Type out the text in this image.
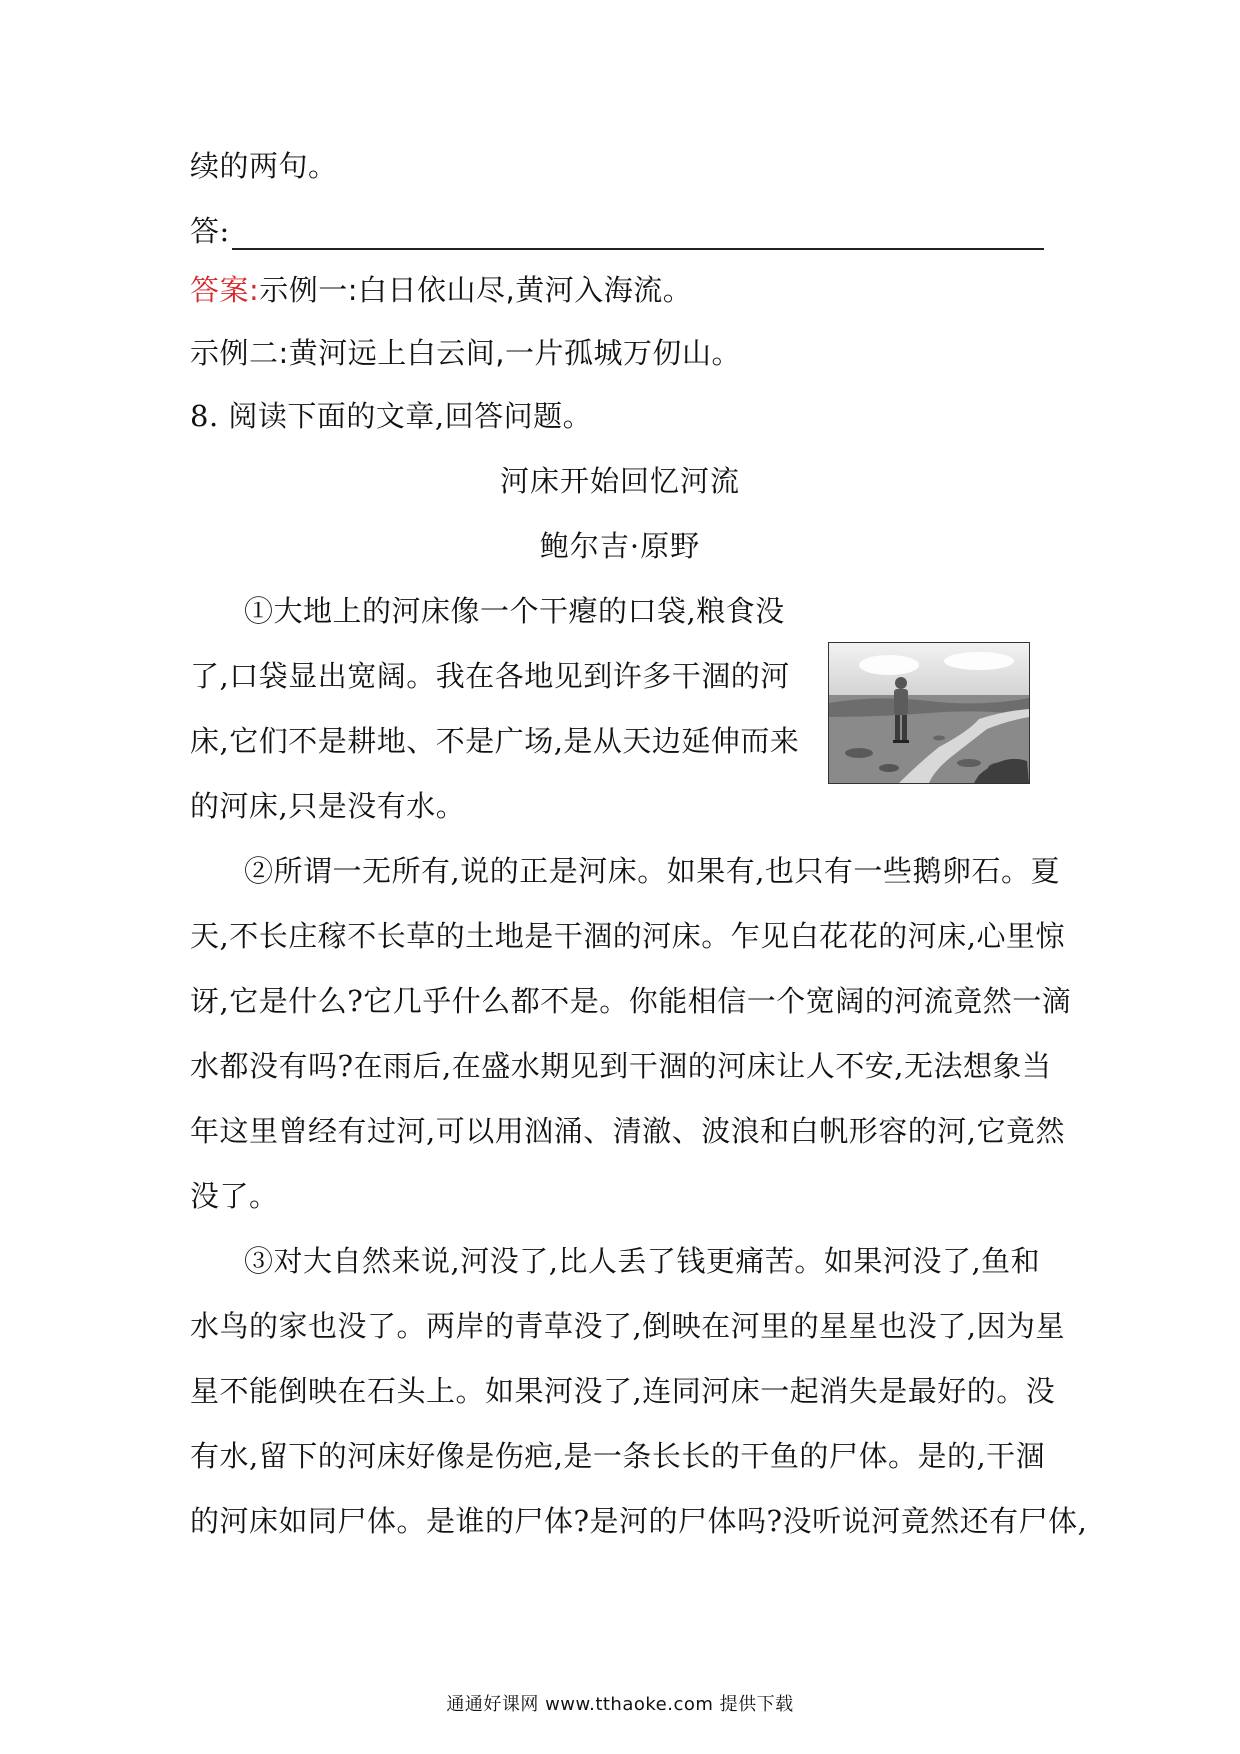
续的两句。
答:
答案:示例一:白日依山尽,黄河入海流。
示例二:黄河远上白云间,一片孤城万仞山。
8. 阅读下面的文章,回答问题。
河床开始回忆河流
鲍尔吉·原野
①大地上的河床像一个干瘪的口袋,粮食没
了,口袋显出宽阔。我在各地见到许多干涸的河
床,它们不是耕地、不是广场,是从天边延伸而来
的河床,只是没有水。
②所谓一无所有,说的正是河床。如果有,也只有一些鹅卵石。夏
天,不长庄稼不长草的土地是干涸的河床。乍见白花花的河床,心里惊
讶,它是什么?它几乎什么都不是。你能相信一个宽阔的河流竟然一滴
水都没有吗?在雨后,在盛水期见到干涸的河床让人不安,无法想象当
年这里曾经有过河,可以用汹涌、清澈、波浪和白帆形容的河,它竟然
没了。
③对大自然来说,河没了,比人丢了钱更痛苦。如果河没了,鱼和
水鸟的家也没了。两岸的青草没了,倒映在河里的星星也没了,因为星
星不能倒映在石头上。如果河没了,连同河床一起消失是最好的。没
有水,留下的河床好像是伤疤,是一条长长的干鱼的尸体。是的,干涸
的河床如同尸体。是谁的尸体?是河的尸体吗?没听说河竟然还有尸体,
通通好课网 www.tthaoke.com 提供下载
